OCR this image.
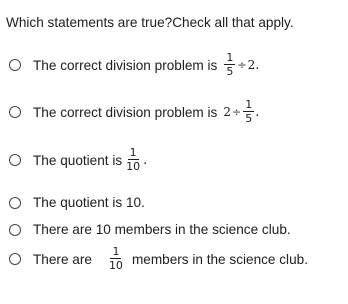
Which statements are true?Check all that apply.
The correct division problem is $\frac{1}{5} \div 2$ .
The correct division problem is $2 \div \frac{1}{5}$ .
The quotient is $\frac{1}{10}$ .
The quotient is 10.
There are 10 members in the science club.
There are $\frac{1}{10}$ members in the science club.
